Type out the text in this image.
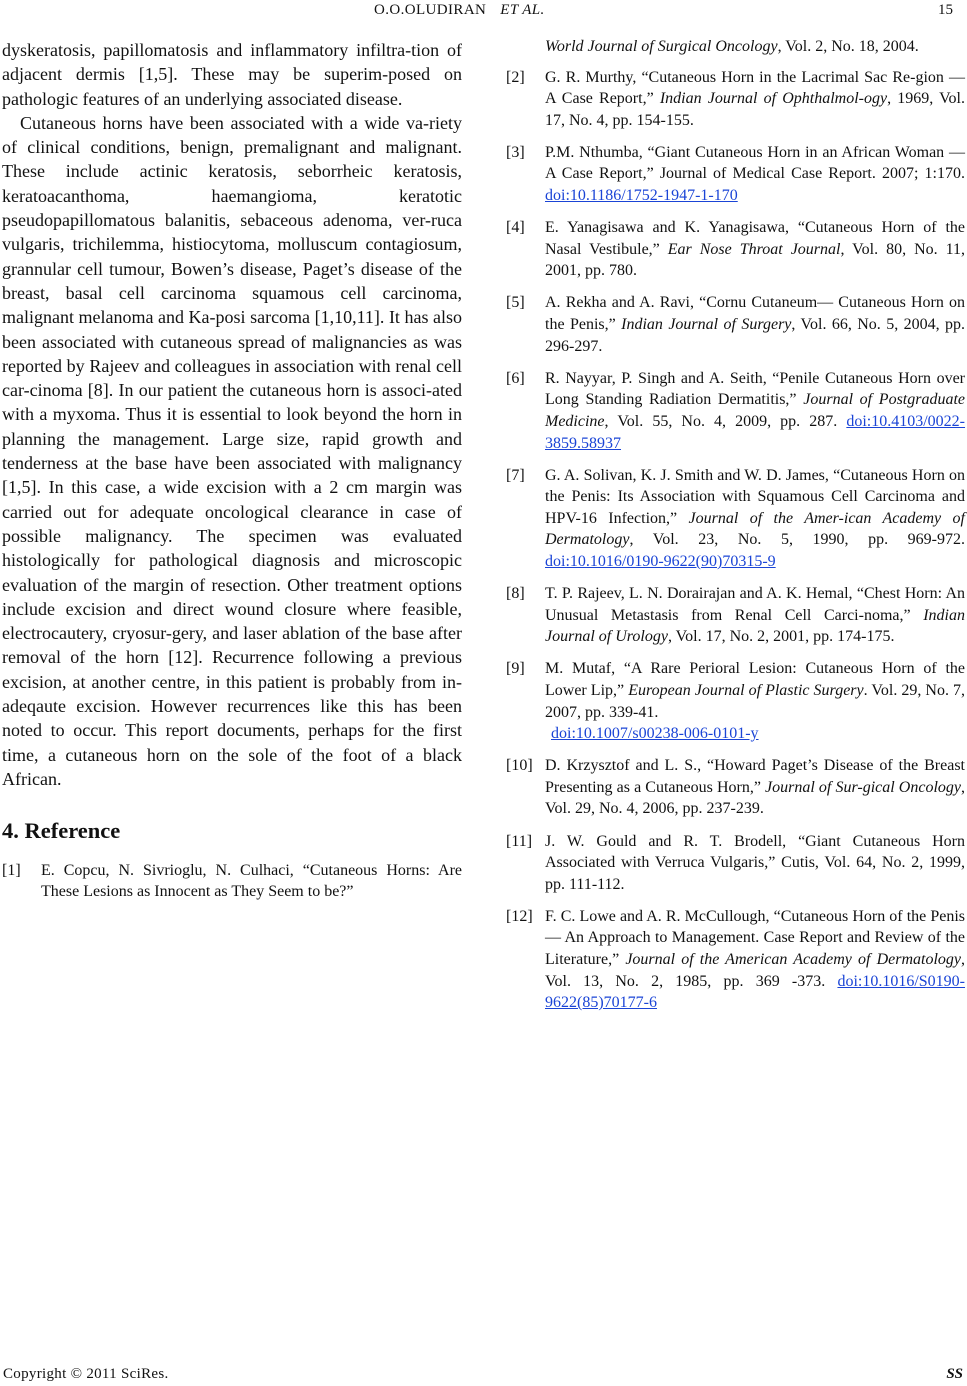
O.O.OLUDIRAN ET AL.	15

dyskeratosis, papillomatosis and inflammatory infiltra-tion of adjacent dermis [1,5]. These may be superim-posed on pathologic features of an underlying associated disease.

Cutaneous horns have been associated with a wide va-riety of clinical conditions, benign, premalignant and malignant. These include actinic keratosis, seborrheic keratosis, keratoacanthoma, haemangioma, keratotic pseudopapillomatous balanitis, sebaceous adenoma, ver-ruca vulgaris, trichilemma, histiocytoma, molluscum contagiosum, grannular cell tumour, Bowen’s disease, Paget’s disease of the breast, basal cell carcinoma squamous cell carcinoma, malignant melanoma and Ka-posi sarcoma [1,10,11]. It has also been associated with cutaneous spread of malignancies as was reported by Rajeev and colleagues in association with renal cell car-cinoma [8]. In our patient the cutaneous horn is associ-ated with a myxoma. Thus it is essential to look beyond the horn in planning the management. Large size, rapid growth and tenderness at the base have been associated with malignancy [1,5]. In this case, a wide excision with a 2 cm margin was carried out for adequate oncological clearance in case of possible malignancy. The specimen was evaluated histologically for pathological diagnosis and microscopic evaluation of the margin of resection. Other treatment options include excision and direct wound closure where feasible, electrocautery, cryosur-gery, and laser ablation of the base after removal of the horn [12]. Recurrence following a previous excision, at another centre, in this patient is probably from in-adeqaute excision. However recurrences like this has been noted to occur. This report documents, perhaps for the first time, a cutaneous horn on the sole of the foot of a black African.

4. Reference
[1]	E. Copcu, N. Sivrioglu, N. Culhaci, “Cutaneous Horns: Are These Lesions as Innocent as They Seem to be?”
World Journal of Surgical Oncology, Vol. 2, No. 18, 2004.
[2]	G. R. Murthy, “Cutaneous Horn in the Lacrimal Sac Re-gion — A Case Report,” Indian Journal of Ophthalmol-ogy, 1969, Vol. 17, No. 4, pp. 154-155.
[3]	P.M. Nthumba, “Giant Cutaneous Horn in an African Woman — A Case Report,” Journal of Medical Case Report. 2007; 1:170. doi:10.1186/1752-1947-1-170
[4]	E. Yanagisawa and K. Yanagisawa, “Cutaneous Horn of the Nasal Vestibule,” Ear Nose Throat Journal, Vol. 80, No. 11, 2001, pp. 780.
[5]	A. Rekha and A. Ravi, “Cornu Cutaneum— Cutaneous Horn on the Penis,” Indian Journal of Surgery, Vol. 66, No. 5, 2004, pp. 296-297.
[6]	R. Nayyar, P. Singh and A. Seith, “Penile Cutaneous Horn over Long Standing Radiation Dermatitis,” Journal of Postgraduate Medicine, Vol. 55, No. 4, 2009, pp. 287. doi:10.4103/0022-3859.58937
[7]	G. A. Solivan, K. J. Smith and W. D. James, “Cutaneous Horn on the Penis: Its Association with Squamous Cell Carcinoma and HPV-16 Infection,” Journal of the Amer-ican Academy of Dermatology, Vol. 23, No. 5, 1990, pp. 969-972. doi:10.1016/0190-9622(90)70315-9
[8]	T. P. Rajeev, L. N. Dorairajan and A. K. Hemal, “Chest Horn: An Unusual Metastasis from Renal Cell Carci-noma,” Indian Journal of Urology, Vol. 17, No. 2, 2001, pp. 174-175.
[9]	M. Mutaf, “A Rare Perioral Lesion: Cutaneous Horn of the Lower Lip,” European Journal of Plastic Surgery. Vol. 29, No. 7, 2007, pp. 339-41.
doi:10.1007/s00238-006-0101-y
[10] D. Krzysztof and L. S., “Howard Paget’s Disease of the Breast Presenting as a Cutaneous Horn,” Journal of Sur-gical Oncology, Vol. 29, No. 4, 2006, pp. 237-239.
[11] J. W. Gould and R. T. Brodell, “Giant Cutaneous Horn Associated with Verruca Vulgaris,” Cutis, Vol. 64, No. 2, 1999, pp. 111-112.
[12] F. C. Lowe and A. R. McCullough, “Cutaneous Horn of the Penis— An Approach to Management. Case Report and Review of the Literature,” Journal of the American Academy of Dermatology, Vol. 13, No. 2, 1985, pp. 369 -373. doi:10.1016/S0190-9622(85)70177-6
Copyright © 2011 SciRes.	SS
